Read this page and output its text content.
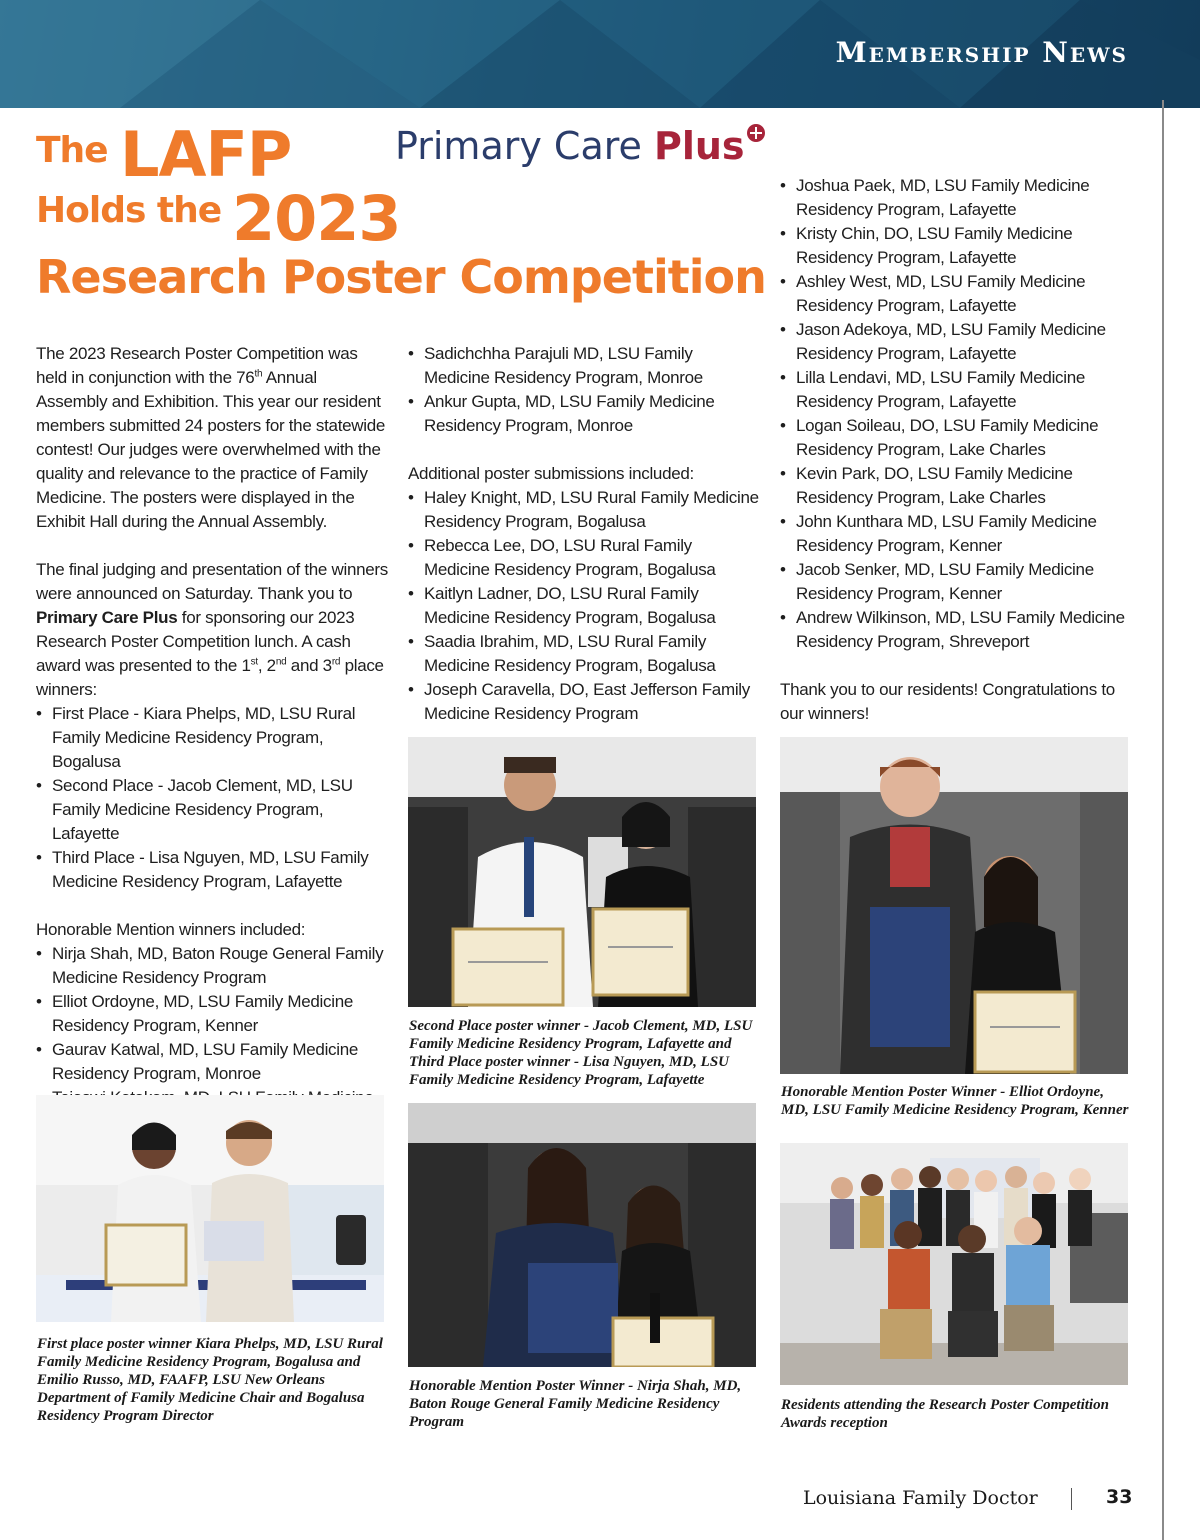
Membership News
The LAFP
Holds the 2023
Research Poster Competition
Primary Care Plus

The 2023 Research Poster Competition was held in conjunction with the 76th Annual Assembly and Exhibition. This year our resident members submitted 24 posters for the statewide contest! Our judges were overwhelmed with the quality and relevance to the practice of Family Medicine. The posters were displayed in the Exhibit Hall during the Annual Assembly.

The final judging and presentation of the winners were announced on Saturday. Thank you to Primary Care Plus for sponsoring our 2023 Research Poster Competition lunch. A cash award was presented to the 1st, 2nd and 3rd place winners:

• First Place - Kiara Phelps, MD, LSU Rural Family Medicine Residency Program, Bogalusa
• Second Place - Jacob Clement, MD, LSU Family Medicine Residency Program, Lafayette
• Third Place - Lisa Nguyen, MD, LSU Family Medicine Residency Program, Lafayette

Honorable Mention winners included:

• Nirja Shah, MD, Baton Rouge General Family Medicine Residency Program
• Elliot Ordoyne, MD, LSU Family Medicine Residency Program, Kenner
• Gaurav Katwal, MD, LSU Family Medicine Residency Program, Monroe
•
• Sadichchha Parajuli MD, LSU Family Medicine Residency Program, Monroe
• Ankur Gupta, MD, LSU Family Medicine Residency Program, Monroe

Additional poster submissions included:

• Haley Knight, MD, LSU Rural Family Medicine Residency Program, Bogalusa
• Rebecca Lee, DO, LSU Rural Family Medicine Residency Program, Bogalusa
• Kaitlyn Ladner, DO, LSU Rural Family Medicine Residency Program, Bogalusa
• Saadia Ibrahim, MD, LSU Rural Family Medicine Residency Program, Bogalusa
• Joseph Caravella, DO, East Jefferson Family Medicine Residency Program
• Joshua Paek, MD, LSU Family Medicine Residency Program, Lafayette
• Kristy Chin, DO, LSU Family Medicine Residency Program, Lafayette
• Ashley West, MD, LSU Family Medicine Residency Program, Lafayette
• Jason Adekoya, MD, LSU Family Medicine Residency Program, Lafayette
• Lilla Lendavi, MD, LSU Family Medicine Residency Program, Lafayette
• Logan Soileau, DO, LSU Family Medicine Residency Program, Lake Charles
• Kevin Park, DO, LSU Family Medicine Residency Program, Lake Charles
• John Kunthara MD, LSU Family Medicine Residency Program, Kenner
• Jacob Senker, MD, LSU Family Medicine Residency Program, Kenner
• Andrew Wilkinson, MD, LSU Family Medicine Residency Program, Shreveport

Thank you to our residents! Congratulations to our winners!

Second Place poster winner - Jacob Clement, MD, LSU Family Medicine Residency Program, Lafayette and Third Place poster winner - Lisa Nguyen, MD, LSU Family Medicine Residency Program, Lafayette
Honorable Mention Poster Winner - Elliot Ordoyne, MD, LSU Family Medicine Residency Program, Kenner
First place poster winner Kiara Phelps, MD, LSU Rural Family Medicine Residency Program, Bogalusa and Emilio Russo, MD, FAAFP, LSU New Orleans Department of Family Medicine Chair and Bogalusa Residency Program Director
Honorable Mention Poster Winner - Nirja Shah, MD, Baton Rouge General Family Medicine Residency Program
Residents attending the Research Poster Competition Awards reception
Louisiana Family Doctor	33
